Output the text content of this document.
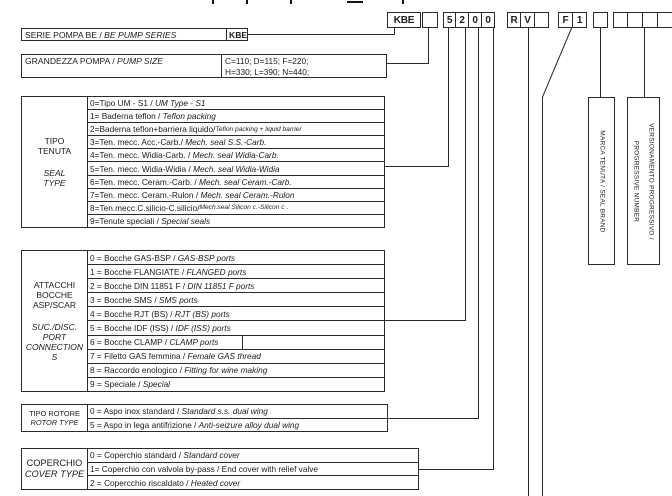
KBE	5 2 0 0	R V	F 1
SERIE POMPA BE / BE PUMP SERIES	KBE
GRANDEZZA POMPA / PUMP SIZE	C=110; D=115; F=220;
H=330; L=390; N=440;
TIPO
TENUTA
SEAL
TYPE
0=Tipo UM - S1 / UM Type - S1
1= Baderna teflon / Teflon packing
2=Baderna teflon+barriera liquido/ Teflon packing + liquid barrier
3=Ten. mecc. Acc.-Carb./ Mech. seal S.S.-Carb.
4=Ten. mecc. Widia-Carb. / Mech. seal Widia-Carb.
5=Ten. mecc. Widia-Widia / Mech. seal Widia-Widia
6=Ten. mecc. Ceram.-Carb. / Mech. seal Ceram.-Carb.
7=Ten. mecc. Ceram.-Rulon / Mech. seal Ceram.-Rulon
8=Ten.mecc.C.silicio-C.silicio/ Mech.seal Silicon c.-Silicon c .
9=Tenute speciali / Special seals
ATTACCHI
BOCCHE
ASP/SCAR
SUC./DISC.
PORT
CONNECTION
S
0 = Bocche GAS-BSP / GAS-BSP ports
1 = Bocche FLANGIATE / FLANGED ports
2 = Bocche DIN 11851 F / DIN 11851 F ports
3 = Bocche SMS / SMS ports
4 = Bocche RJT (BS) / RJT (BS) ports
5 = Bocche IDF (ISS) / IDF (ISS) ports
6 = Bocche CLAMP / CLAMP ports
7 = Filetto GAS femmina / Female GAS thread
8 = Raccordo enologico / Fitting for wine making
9 = Speciale / Special
TIPO ROTORE
ROTOR TYPE
0 = Aspo inox standard / Standard s.s. dual wing
5 = Aspo in lega antifrizione / Anti-seizure alloy dual wing
COPERCHIO
COVER TYPE
0 = Coperchio standard / Standard cover
1= Coperchio con valvola by-pass / End cover with relief valve
2 = Copercchio riscaldato / Heated cover
MARCA TENUTA / SEAL BRAND	VERSIONAMENTO PROGRESSIVO /
PROGRESSIVE NUMBER
